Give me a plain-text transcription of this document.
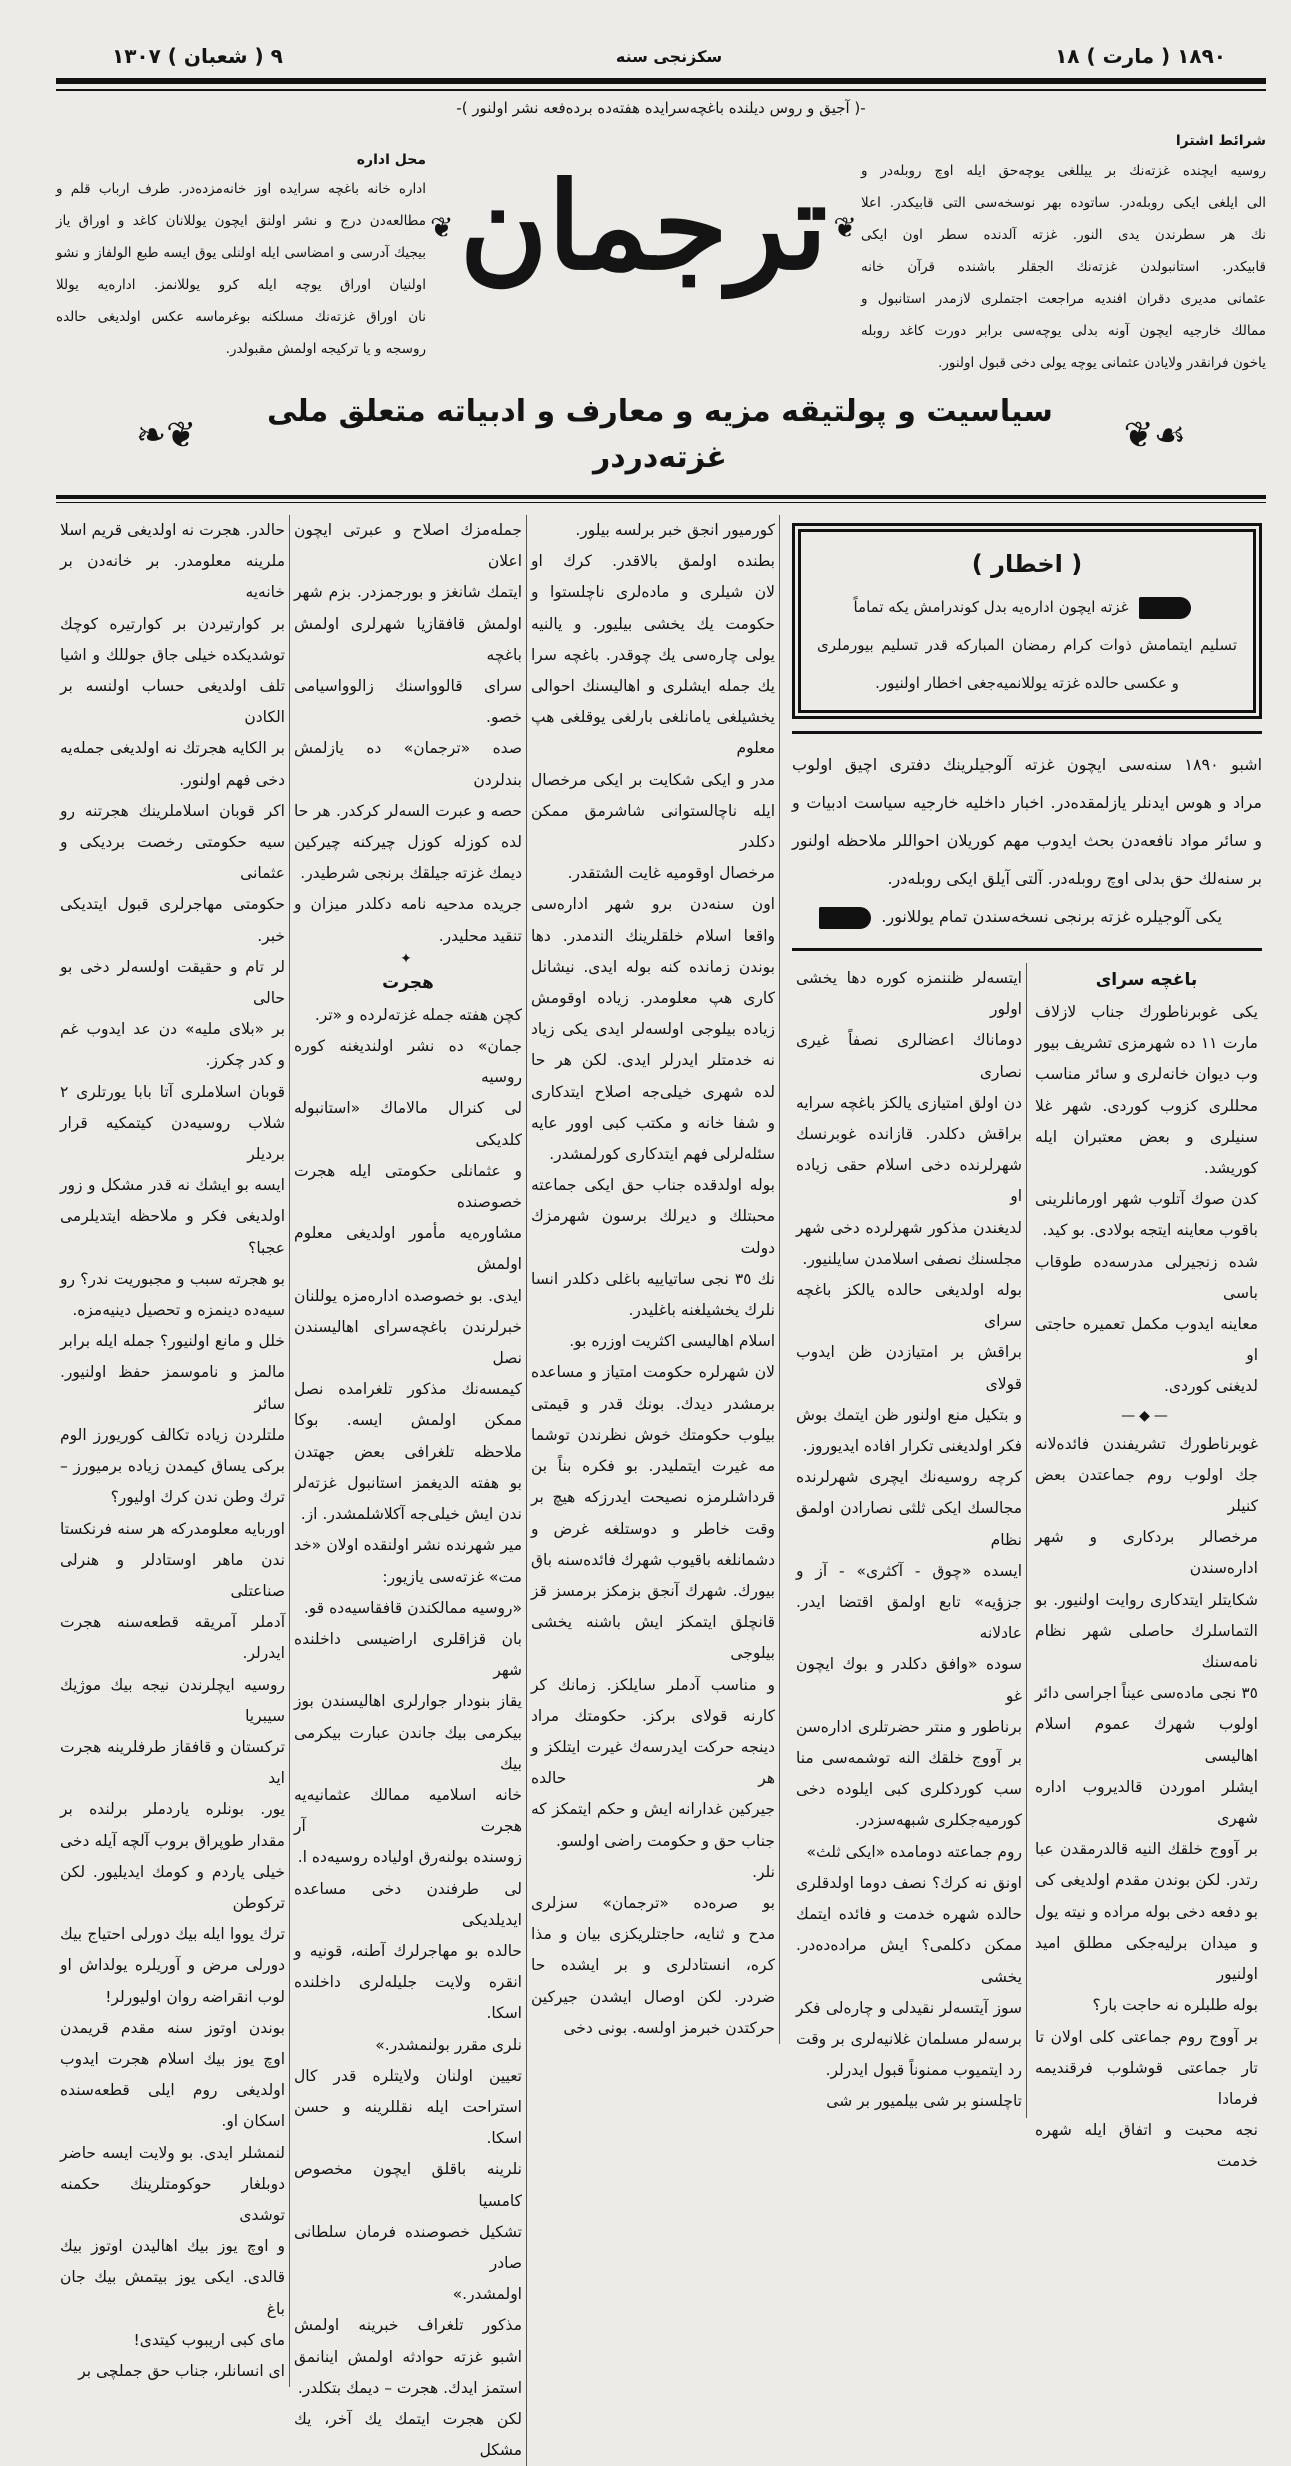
٩ ( شعبان ) ١٣٠٧	سکزنجی سنه	١٨٩٠ ( مارت ) ١٨
-( آجیق و روس دیلنده باغچه‌سرایده هفته‌ده برده‌فعه نشر اولنور )-
محل اداره
اداره خانه باغچه سرایده اوز خانه‌مزده‌در. طرف ارباب قلم و
مطالعه‌دن درج و نشر اولنق ایچون یوللانان کاغد و اوراق یاز
بیجیك آدرسی و امضاسی ایله اولنلی یوق ایسه طبع الولفاز و نشو
اولنیان اوراق یوچه ایله کرو یوللانمز. اداره‌یه یوللا
نان اوراق غزته‌نك مسلکنه بوغرماسه عکس اولدیغی حالده
روسجه و یا ترکیجه اولمش مقبولدر.
❦ ترجمان ❦
شرائط اشترا
روسیه ایچنده غزته‌نك بر ییللغی یوچه‌حق ایله اوچ روبله‌در و
الی ایلغی ایکی روبله‌در. ساتوده بهر نوسخه‌سی التی قابیکدر. اعلا
نك هر سطرندن یدی النور. غزته آلدنده سطر اون ایکی
قابیکدر. استانبولدن غزته‌نك الجقلر باشنده قرآن خانه
عثمانی مدیری دقران افندیه مراجعت اجتملری لازمدر استانبول و
ممالك خارجیه ایچون آونه بدلی یوچه‌سی برابر دورت کاغد روبله
یاخون فرانقدر ولایادن عثمانی یوچه یولی دخی قبول اولنور.
❧❦
سیاسیت و پولتیقه مزیه و معارف و ادبیاته متعلق ملی غزته‌دردر
❦☙
حالدر. هجرت نه اولدیغی قریم اسلا
ملرینه معلومدر. بر خانه‌دن بر خانه‌یه
بر کوارتیردن بر کوارتیره کوچك
توشدیکده خیلی جاق جوللك و اشیا
تلف اولدیغی حساب اولنسه بر الکادن
بر الکایه هجرتك نه اولدیغی جمله‌یه
دخی فهم اولنور.
اکر قوبان اسلاملرینك هجرتنه رو
سیه حکومتی رخصت بردیکی و عثمانی
حکومتی مهاجرلری قبول ایتدیکی خبر.
لر تام و حقیقت اولسه‌لر دخی بو حالی
بر «بلای ملیه» دن عد ایدوب غم
و کدر چکرز.
قوبان اسلاملری آتا بابا یورتلری ۲
شلاب روسیه‌دن کیتمکیه قرار بردیلر
ایسه بو ایشك نه قدر مشکل و زور
اولدیغی فکر و ملاحظه ایتدیلرمی عجبا؟
بو هجرته سبب و مجبوریت ندر؟ رو
سیه‌ده دینمزه و تحصیل دینیه‌مزه.
خلل و مانع اولنیور؟ جمله ایله برابر
مالمز و ناموسمز حفظ اولنیور. سائر
ملتلردن زیاده تکالف کوریورز الوم
برکی یساق کیمدن زیاده برمیورز –
ترك وطن ندن کرك اولیور؟
اوربایه معلومدرکه هر سنه فرنکستا
ندن ماهر اوستادلر و هنرلی صناعتلی
آدملر آمریقه قطعه‌سنه هجرت ایدرلر.
روسیه ایچلرندن نیجه بیك موژیك سیبریا
ترکستان و قافقاز طرفلرینه هجرت اید
یور. بونلره یاردملر برلنده بر
مقدار طوپراق بروب آلچه آیله دخی
خیلی یاردم و کومك ایدیلیور. لکن ترکوطن
ترك یووا ایله بیك دورلی احتیاج بیك
دورلی مرض و آوریلره یولداش او
لوب انقراضه روان اولیورلر!
بوندن اوتوز سنه مقدم قریمدن
اوچ یوز بیك اسلام هجرت ایدوب
اولدیغی روم ایلی قطعه‌سنده اسکان او.
لنمشلر ایدی. بو ولایت ایسه حاضر
دوبلغار حوکومتلرینك حکمنه توشدی
و اوچ یوز بیك اهالیدن اوتوز بیك
قالدی. ایکی یوز بیتمش بیك جان باغ
مای کبی اریبوب کیتدی!
ای انسانلر، جناب حق جملچی بر
جمله‌مزك اصلاح و عبرتی ایچون اعلان
ایتمك شانغز و بورجمزدر. بزم شهر
اولمش قافقازیا شهرلری اولمش باغچه
سرای قالوواسنك زالوواسیامی خصو.
صده «ترجمان» ده یازلمش بندلردن
حصه و عبرت السه‌لر کرکدر. هر حا
لده کوزله کوزل چیرکنه چیرکین
دیمك غزته جیلقك برنجی شرطیدر.
جریده مدحیه نامه دکلدر میزان و
تنقید محلیدر.
✦
هجرت
کچن هفته جمله غزته‌لرده و «تر.
جمان» ده نشر اولندیغنه کوره روسیه
لی کنرال مالاماك «استانبوله کلدیکی
و عثمانلی حکومتی ایله هجرت خصوصنده
مشاوره‌یه مأمور اولدیغی معلوم اولمش
ایدی. بو خصوصده اداره‌مزه یوللنان
خبرلرندن باغچه‌سرای اهالیسندن نصل
کیمسه‌نك مذکور تلغرامده نصل
ممکن اولمش ایسه. بوکا
ملاحظه تلغرافی بعض جهتدن
بو هفته الدیغمز استانبول غزته‌لر
ندن ایش خیلی‌جه آکلاشلمشدر. از.
میر شهرنده نشر اولنقده اولان «خد
مت» غزته‌سی یازیور:
«روسیه ممالکندن قافقاسیه‌ده قو.
بان قزاقلری اراضیسی داخلنده شهر
یقاز بنودار جوارلری اهالیسندن بوز
بیکرمی بیك جاندن عبارت بیکرمی بیك
خانه اسلامیه ممالك عثمانیه‌یه هجرت آر
زوسنده بولنه‌رق اولیاده روسیه‌ده ا.
لی طرفندن دخی مساعده ایدیلدیکی
حالده بو مهاجرلرك آطنه، قونیه و
انقره ولایت جلیله‌لری داخلنده اسکا.
نلری مقرر بولنمشدر.»
تعیین اولنان ولایتلره قدر کال
استراحت ایله نقللرینه و حسن اسکا.
نلرینه باقلق ایچون مخصوص کامسیا
تشکیل خصوصنده فرمان سلطانی صادر
اولمشدر.»
مذکور تلغراف خبرینه اولمش
اشبو غزته حوادثه اولمش اینانمق
استمز ایدك. هجرت – دیمك بتکلدر.
لکن هجرت ایتمك یك آخر، یك مشکل
کورمیور انجق خبر برلسه بیلور.
بطنده اولمق بالاقدر. کرك او
لان شیلری و ماده‌لری ناچلستوا و
حکومت یك یخشی بیلیور. و یالنیه
یولی چاره‌سی یك چوقدر. باغچه سرا
یك جمله ایشلری و اهالیسنك احوالی
یخشیلغی یامانلغی بارلغی یوقلغی هپ معلوم
مدر و ایکی شکایت بر ایکی مرخصال
ایله ناچالستوانی شاشرمق ممکن دکلدر
مرخصال اوقومیه غایت الشتقدر.
اون سنه‌دن برو شهر اداره‌سی
واقعا اسلام خلقلرینك الندمدر. دها
بوندن زمانده کنه بوله ایدی. نیشانل
کاری هپ معلومدر. زیاده اوقومش
زیاده بیلوجی اولسه‌لر ایدی یکی زیاد
نه خدمتلر ایدرلر ایدی. لکن هر حا
لده شهری خیلی‌جه اصلاح ایتدکاری
و شفا خانه و مکتب کبی اوور عایه
سئله‌لرلی فهم ایتدکاری کورلمشدر.
بوله اولدقده جناب حق ایکی جماعته
محبتلك و دیرلك برسون شهرمزك دولت
نك ٣٥ نجی ساتیاییه باغلی دکلدر انسا
نلرك یخشیلغنه باغلیدر.
اسلام اهالیسی اکثریت اوزره بو.
لان شهرلره حکومت امتیاز و مساعده
برمشدر دیدك. بونك قدر و قیمتی
بیلوب حکومتك خوش نظرندن توشما
مه غیرت ایتملیدر. بو فکره بناً بن
قرداشلرمزه نصیحت ایدرزکه هیچ بر
وقت خاطر و دوستلغه غرض و
دشمانلغه باقیوب شهرك فائده‌سنه باق
بیورك. شهرك آنجق بزمکز برمسز قز
قانچلق ایتمکز ایش باشنه یخشی بیلوجی
و مناسب آدملر سایلکز. زمانك کر
کارنه قولای برکز. حکومتك مراد
دینجه حرکت ایدرسه‌ك غیرت ایتلکز و هر حالده
جیرکین غدارانه ایش و حکم ایتمکز که
جناب حق و حکومت راضی اولسو.
نلر.
بو صره‌ده «ترجمان» سزلری
مدح و ثنایه، حاجتلریکزی بیان و مذا
کره، انستادلری و بر ایشده حا
ضردر. لکن اوصال ایشدن جیرکین
حرکتدن خبرمز اولسه. بونی دخی
( اخطار )
غزته ایچون اداره‌یه بدل کوندرامش یکه تماماً
تسلیم ایتمامش ذوات کرام رمضان المبارکه قدر تسلیم بیورملری
و عکسی حالده غزته یوللانمیه‌جغی اخطار اولنیور.
اشبو ١٨٩٠ سنه‌سی ایچون غزته آلوجیلرینك دفتری اچیق اولوب
مراد و هوس ایدنلر یازلمقده‌در. اخبار داخلیه خارجیه سیاست ادبیات و
و سائر مواد نافعه‌دن بحث ایدوب مهم کوریلان احواللر ملاحظه اولنور
بر سنه‌لك حق بدلی اوچ روبله‌در. آلتی آیلق ایکی روبله‌در.
یکی آلوجیلره غزته برنجی نسخه‌سندن تمام یوللانور.
ایتسه‌لر ظننمزه کوره دها یخشی اولور
دوماناك اعضالری نصفاً غیری نصاری
دن اولق امتیازی یالکز باغچه سرایه
براقش دکلدر. قازانده غوبرنسك
شهرلرنده دخی اسلام حقی زیاده او
لدیغندن مذکور شهرلرده دخی شهر
مجلسنك نصفی اسلامدن سایلنیور.
بوله اولدیغی حالده یالکز باغچه سرای
براقش بر امتیازدن ظن ایدوب قولای
و بتکیل منع اولنور ظن ایتمك بوش
فکر اولدیغنی تکرار افاده ایدیوروز.
کرچه روسیه‌نك ایچری شهرلرنده
مجالسك ایکی ثلثی نصارادن اولمق نظام
ایسده «چوق - آکثری» - آز و
جزؤیه» تابع اولمق اقتضا ایدر. عادلانه
سوده «وافق دکلدر و بوك ایچون غو
برناطور و منتر حضرتلری اداره‌سن
بر آووج خلقك النه توشمه‌سی منا
سب کوردکلری کبی ایلوده دخی
کورمیه‌جکلری شبهه‌سزدر.
روم جماعته دومامده «ایکی ثلث»
اونق نه کرك؟ نصف دوما اولدقلری
حالده شهره خدمت و فائده ایتمك
ممکن دکلمی؟ ایش مراده‌ده‌در. یخشی
سوز آیتسه‌لر نقیدلی و چاره‌لی فکر
برسه‌لر مسلمان غلانیه‌لری بر وقت
رد ایتمیوب ممنوناً قبول ایدرلر.
تاچلسنو بر شی بیلمیور بر شی
باغچه سرای
یکی غوبرناطورك جناب لازلاف
مارت ١١ ده شهرمزی تشریف بیور
وب دیوان خانه‌لری و سائر مناسب
محللری کزوب کوردی. شهر غلا
سنیلری و بعض معتبران ایله کوریشد.
کدن صوك آتلوب شهر اورمانلرینی
باقوب معاینه ایتجه بولادی. بو کید.
شده زنجیرلی مدرسه‌ده طوقاب باسی
معاینه ایدوب مکمل تعمیره حاجتی او
لدیغنی کوردی.
—◆—
غوبرناطورك تشریفندن فائده‌لانه
جك اولوب روم جماعتدن بعض کنیلر
مرخصالر بردکاری و شهر اداره‌سندن
شکایتلر ایتدکاری روایت اولنیور. بو
التماسلرك حاصلی شهر نظام نامه‌سنك
٣٥ نجی ماده‌سی عیناً اجراسی دائر
اولوب شهرك عموم اسلام اهالیسی
ایشلر اموردن قالدیروب اداره شهری
بر آووج خلقك النیه قالدرمقدن عبا
رتدر. لکن بوندن مقدم اولدیغی کی
بو دفعه دخی بوله مراده و نیته یول
و میدان برلیه‌جکی مطلق امید اولنیور
بوله طلبلره نه حاجت بار؟
بر آووج روم جماعتی کلی اولان تا
تار جماعتی قوشلوب فرقندیمه فرمادا
نجه محبت و اتفاق ایله شهره خدمت
